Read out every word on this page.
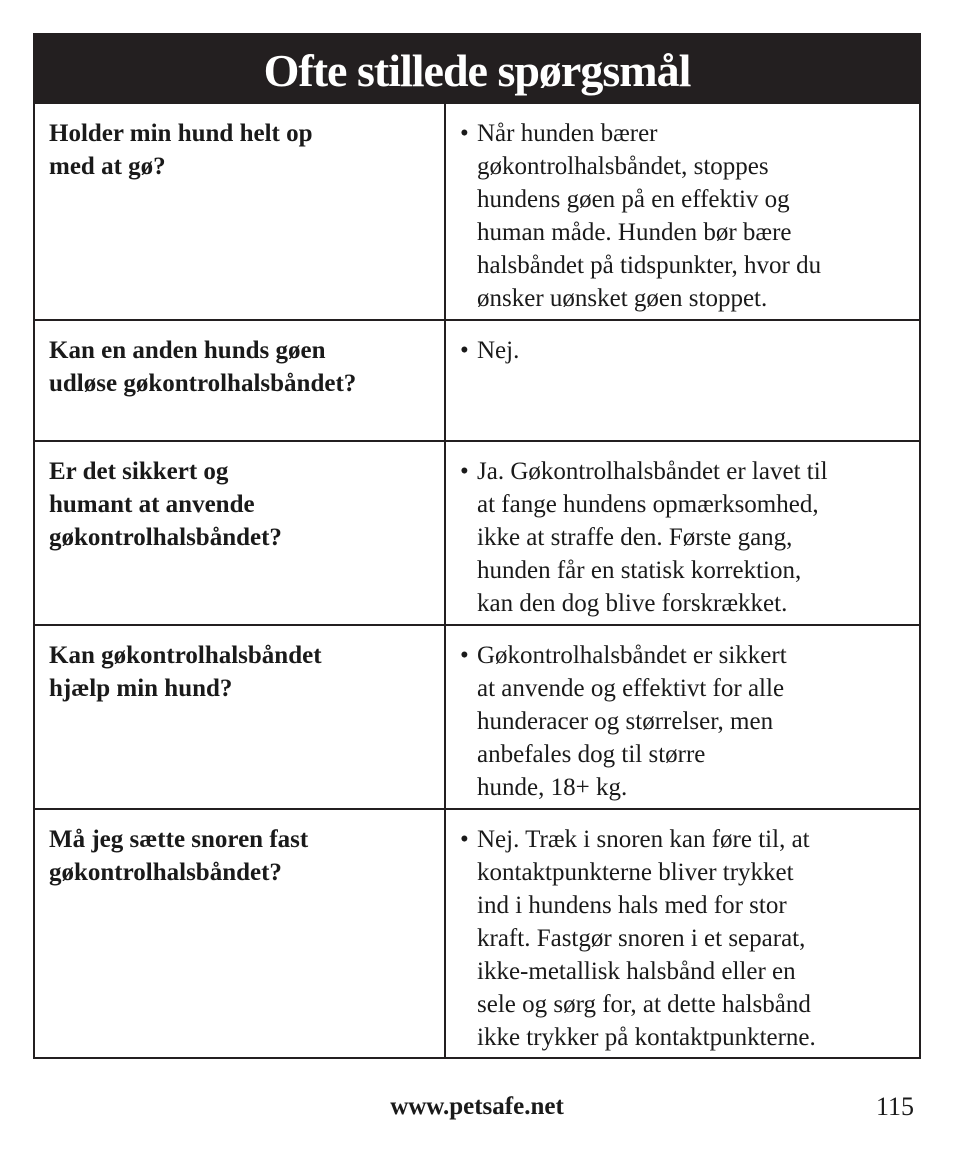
Ofte stillede spørgsmål
Holder min hund helt op
med at gø?
• Når hunden bærer
gøkontrolhalsbåndet, stoppes
hundens gøen på en effektiv og
human måde. Hunden bør bære
halsbåndet på tidspunkter, hvor du
ønsker uønsket gøen stoppet.
Kan en anden hunds gøen
udløse gøkontrolhalsbåndet?
• Nej.
Er det sikkert og
humant at anvende
gøkontrolhalsbåndet?
• Ja. Gøkontrolhalsbåndet er lavet til
at fange hundens opmærksomhed,
ikke at straffe den. Første gang,
hunden får en statisk korrektion,
kan den dog blive forskrækket.
Kan gøkontrolhalsbåndet
hjælp min hund?
• Gøkontrolhalsbåndet er sikkert
at anvende og effektivt for alle
hunderacer og størrelser, men
anbefales dog til større
hunde, 18+ kg.
Må jeg sætte snoren fast
gøkontrolhalsbåndet?
• Nej. Træk i snoren kan føre til, at
kontaktpunkterne bliver trykket
ind i hundens hals med for stor
kraft. Fastgør snoren i et separat,
ikke-metallisk halsbånd eller en
sele og sørg for, at dette halsbånd
ikke trykker på kontaktpunkterne.
www.petsafe.net	115
